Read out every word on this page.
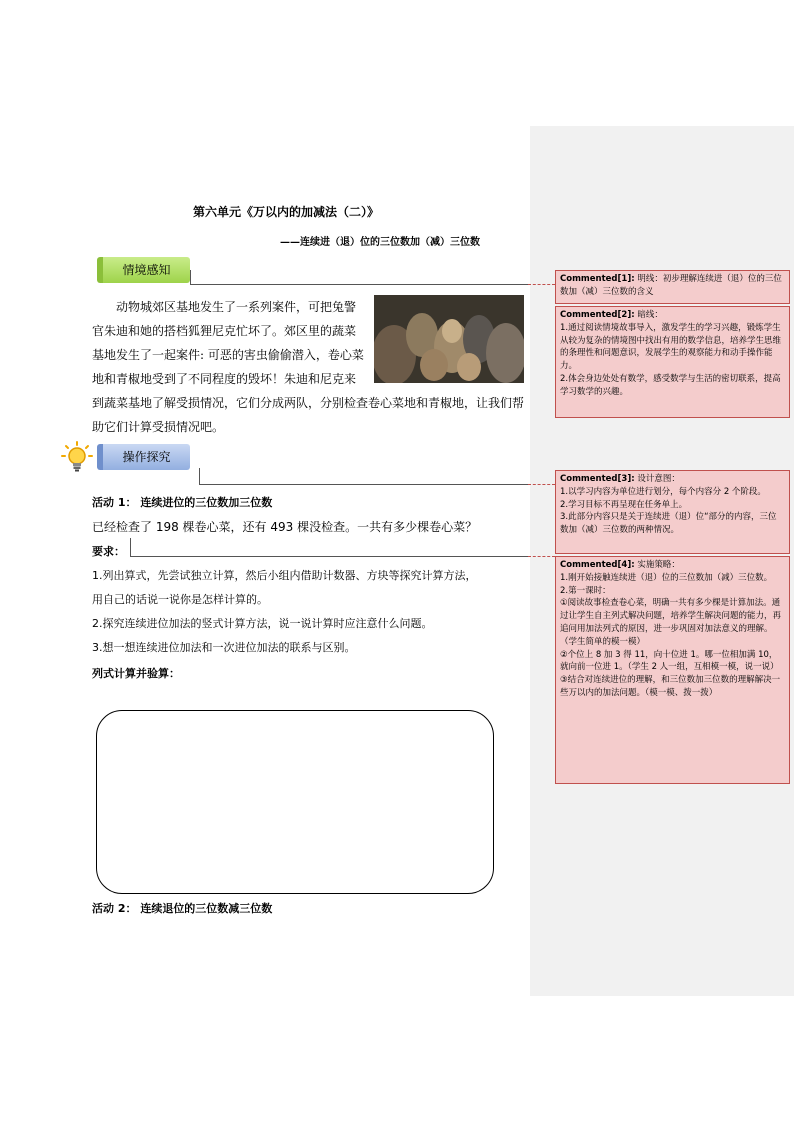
第六单元《万以内的加减法（二）》
——连续进（退）位的三位数加（减）三位数
情境感知

动物城郊区基地发生了一系列案件，可把兔警官朱迪和她的搭档狐狸尼克忙坏了。郊区里的蔬菜基地发生了一起案件: 可恶的害虫偷偷潜入，卷心菜地和青椒地受到了不同程度的毁坏！朱迪和尼克来到蔬菜基地了解受损情况，它们分成两队，分别检查卷心菜地和青椒地，让我们帮助它们计算受损情况吧。

操作探究
活动 1： 连续进位的三位数加三位数
已经检查了 198 棵卷心菜，还有 493 棵没检查。一共有多少棵卷心菜？
要求：
1.列出算式，先尝试独立计算，然后小组内借助计数器、方块等探究计算方法，
用自己的话说一说你是怎样计算的。
2.探究连续进位加法的竖式计算方法，说一说计算时应注意什么问题。
3.想一想连续进位加法和一次进位加法的联系与区别。
列式计算并验算：
活动 2： 连续退位的三位数减三位数
Commented[1]: 明线：初步理解连续进（退）位的三位数加（减）三位数的含义
Commented[2]: 暗线：
1.通过阅读情境故事导入，激发学生的学习兴趣，锻炼学生从较为复杂的情境图中找出有用的数学信息，培养学生思维的条理性和问题意识，发展学生的观察能力和动手操作能力。
2.体会身边处处有数学，感受数学与生活的密切联系，提高学习数学的兴趣。
Commented[3]: 设计意图：
1.以学习内容为单位进行划分，每个内容分 2 个阶段。
2.学习目标不再呈现在任务单上。
3.此部分内容只是关于连续进（退）位“部分的内容，三位数加（减）三位数的两种情况。
Commented[4]: 实施策略：
1.刚开始接触连续进（退）位的三位数加（减）三位数。
2.第一课时：
①阅读故事检查卷心菜，明确一共有多少棵是计算加法。通过让学生自主列式解决问题，培养学生解决问题的能力，再追问用加法列式的原因，进一步巩固对加法意义的理解。（学生简单的模一模）
②个位上 8 加 3 得 11，向十位进 1。哪一位相加满 10，就向前一位进 1。（学生 2 人一组，互相模一模，说一说）
③结合对连续进位的理解，和三位数加三位数的理解解决一些万以内的加法问题。（模一模、拨一拨）
